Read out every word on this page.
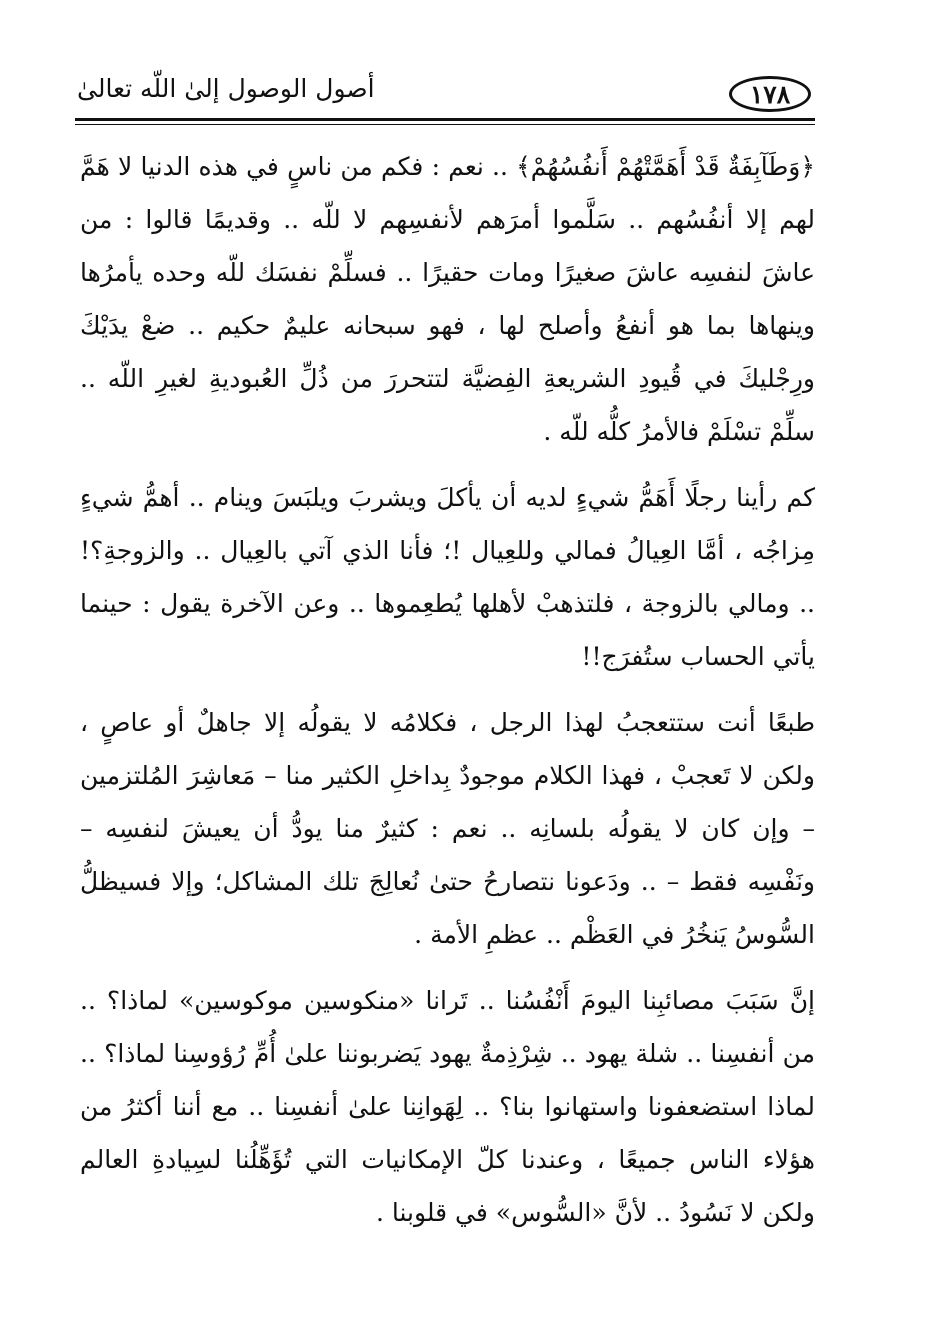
١٧٨
أصول الوصول إلىٰ اللّه تعالىٰ

﴿وَطَآبِفَةٌ قَدْ أَهَمَّتْهُمْ أَنفُسُهُمْ﴾ .. نعم : فكم من ناسٍ في هذه الدنيا لا هَمَّ لهم إلا أنفُسُهم .. سَلَّموا أمرَهم لأنفسِهم لا للّه .. وقديمًا قالوا : من عاشَ لنفسِه عاشَ صغيرًا ومات حقيرًا .. فسلِّمْ نفسَك للّه وحده يأمرُها وينهاها بما هو أنفعُ وأصلح لها ، فهو سبحانه عليمٌ حكيم .. ضعْ يدَيْكَ ورِجْليكَ في قُيودِ الشريعةِ الفِضيَّة لتتحررَ من ذُلِّ العُبوديةِ لغيرِ اللّه .. سلِّمْ تسْلَمْ فالأمرُ كلُّه للّه .

كم رأينا رجلًا أَهَمُّ شيءٍ لديه أن يأكلَ ويشربَ ويلبَسَ وينام .. أهمُّ شيءٍ مِزاجُه ، أمَّا العِيالُ فمالي وللعِيال !؛ فأنا الذي آتي بالعِيال .. والزوجةِ؟! .. ومالي بالزوجة ، فلتذهبْ لأهلها يُطعِموها .. وعن الآخرة يقول : حينما يأتي الحساب ستُفرَج!!

طبعًا أنت ستتعجبُ لهذا الرجل ، فكلامُه لا يقولُه إلا جاهلٌ أو عاصٍ ، ولكن لا تَعجبْ ، فهذا الكلام موجودٌ بِداخلِ الكثير منا – مَعاشِرَ المُلتزمين – وإن كان لا يقولُه بلسانِه .. نعم : كثيرٌ منا يودُّ أن يعيشَ لنفسِه – ونَفْسِه فقط – .. ودَعونا نتصارحُ حتىٰ نُعالِجَ تلك المشاكل؛ وإلا فسيظلُّ السُّوسُ يَنخُرُ في العَظْم .. عظمِ الأمة .

إنَّ سَبَبَ مصائبِنا اليومَ أَنْفُسُنا .. تَرانا «منكوسين موكوسين» لماذا؟ .. من أنفسِنا .. شلة يهود .. شِرْذِمةٌ يهود يَضربوننا علىٰ أُمِّ رُؤوسِنا لماذا؟ .. لماذا استضعفونا واستهانوا بنا؟ .. لِهَوانِنا علىٰ أنفسِنا .. مع أننا أكثرُ من هؤلاء الناس جميعًا ، وعندنا كلّ الإمكانيات التي تُؤَهِّلُنا لسِيادةِ العالم ولكن لا نَسُودُ .. لأنَّ «السُّوس» في قلوبنا .
